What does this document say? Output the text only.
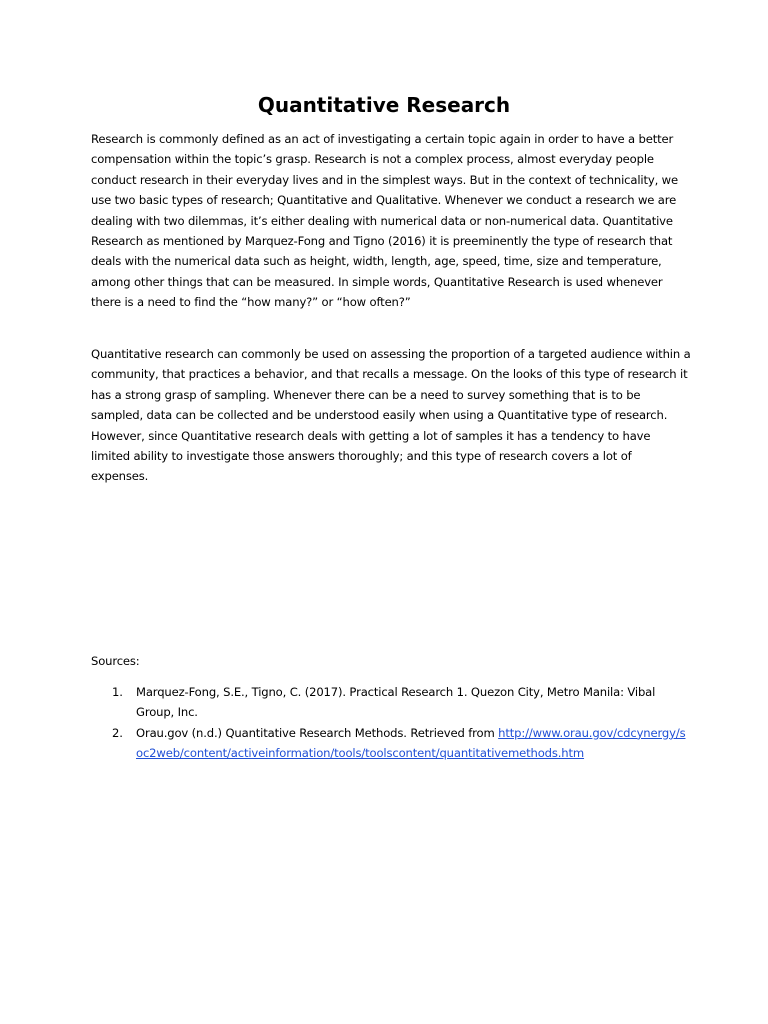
Quantitative Research

Research is commonly defined as an act of investigating a certain topic again in order to have a better compensation within the topic’s grasp. Research is not a complex process, almost everyday people conduct research in their everyday lives and in the simplest ways. But in the context of technicality, we use two basic types of research; Quantitative and Qualitative. Whenever we conduct a research we are dealing with two dilemmas, it’s either dealing with numerical data or non-numerical data. Quantitative Research as mentioned by Marquez-Fong and Tigno (2016) it is preeminently the type of research that deals with the numerical data such as height, width, length, age, speed, time, size and temperature, among other things that can be measured. In simple words, Quantitative Research is used whenever there is a need to find the “how many?” or “how often?”

Quantitative research can commonly be used on assessing the proportion of a targeted audience within a community, that practices a behavior, and that recalls a message. On the looks of this type of research it has a strong grasp of sampling. Whenever there can be a need to survey something that is to be sampled, data can be collected and be understood easily when using a Quantitative type of research. However, since Quantitative research deals with getting a lot of samples it has a tendency to have limited ability to investigate those answers thoroughly; and this type of research covers a lot of expenses.

Sources:

1. Marquez-Fong, S.E., Tigno, C. (2017). Practical Research 1. Quezon City, Metro Manila: Vibal Group, Inc.
2. Orau.gov (n.d.) Quantitative Research Methods. Retrieved from http://www.orau.gov/cdcynergy/soc2web/content/activeinformation/tools/toolscontent/quantitativemethods.htm
